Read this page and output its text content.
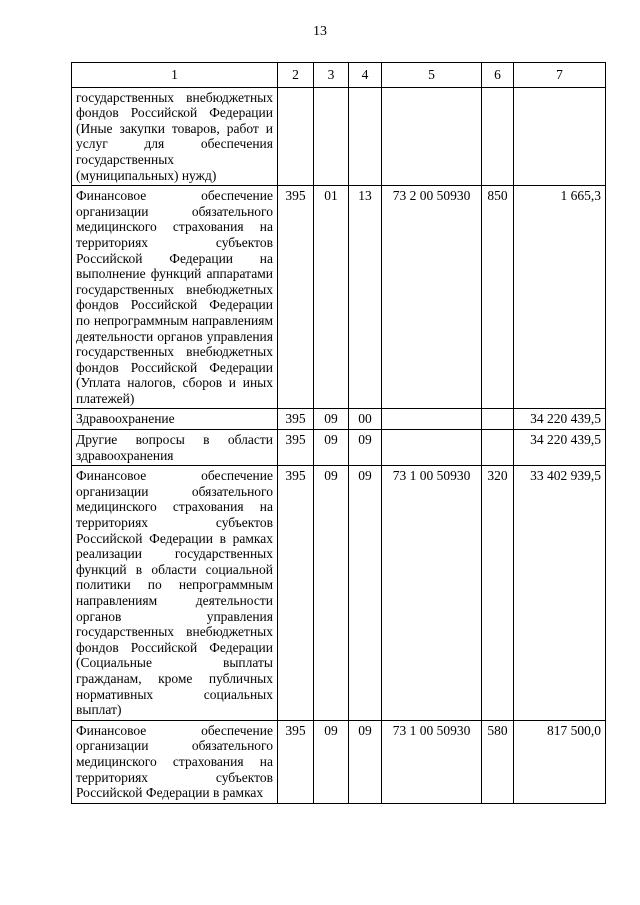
13
1	2	3	4	5	6	7
государственных внебюджетных фондов Российской Федерации (Иные закупки товаров, работ и услуг для обеспечения государственных (муниципальных) нужд)						
Финансовое обеспечение организации обязательного медицинского страхования на территориях субъектов Российской Федерации на выполнение функций аппаратами государственных внебюджетных фондов Российской Федерации по непрограммным направлениям деятельности органов управления государственных внебюджетных фондов Российской Федерации (Уплата налогов, сборов и иных платежей)	395	01	13	73 2 00 50930	850	1 665,3
Здравоохранение	395	09	00			34 220 439,5
Другие вопросы в области здравоохранения	395	09	09			34 220 439,5
Финансовое обеспечение организации обязательного медицинского страхования на территориях субъектов Российской Федерации в рамках реализации государственных функций в области социальной политики по непрограммным направлениям деятельности органов управления государственных внебюджетных фондов Российской Федерации (Социальные выплаты гражданам, кроме публичных нормативных социальных выплат)	395	09	09	73 1 00 50930	320	33 402 939,5
Финансовое обеспечение организации обязательного медицинского страхования на территориях субъектов Российской Федерации в рамках	395	09	09	73 1 00 50930	580	817 500,0
